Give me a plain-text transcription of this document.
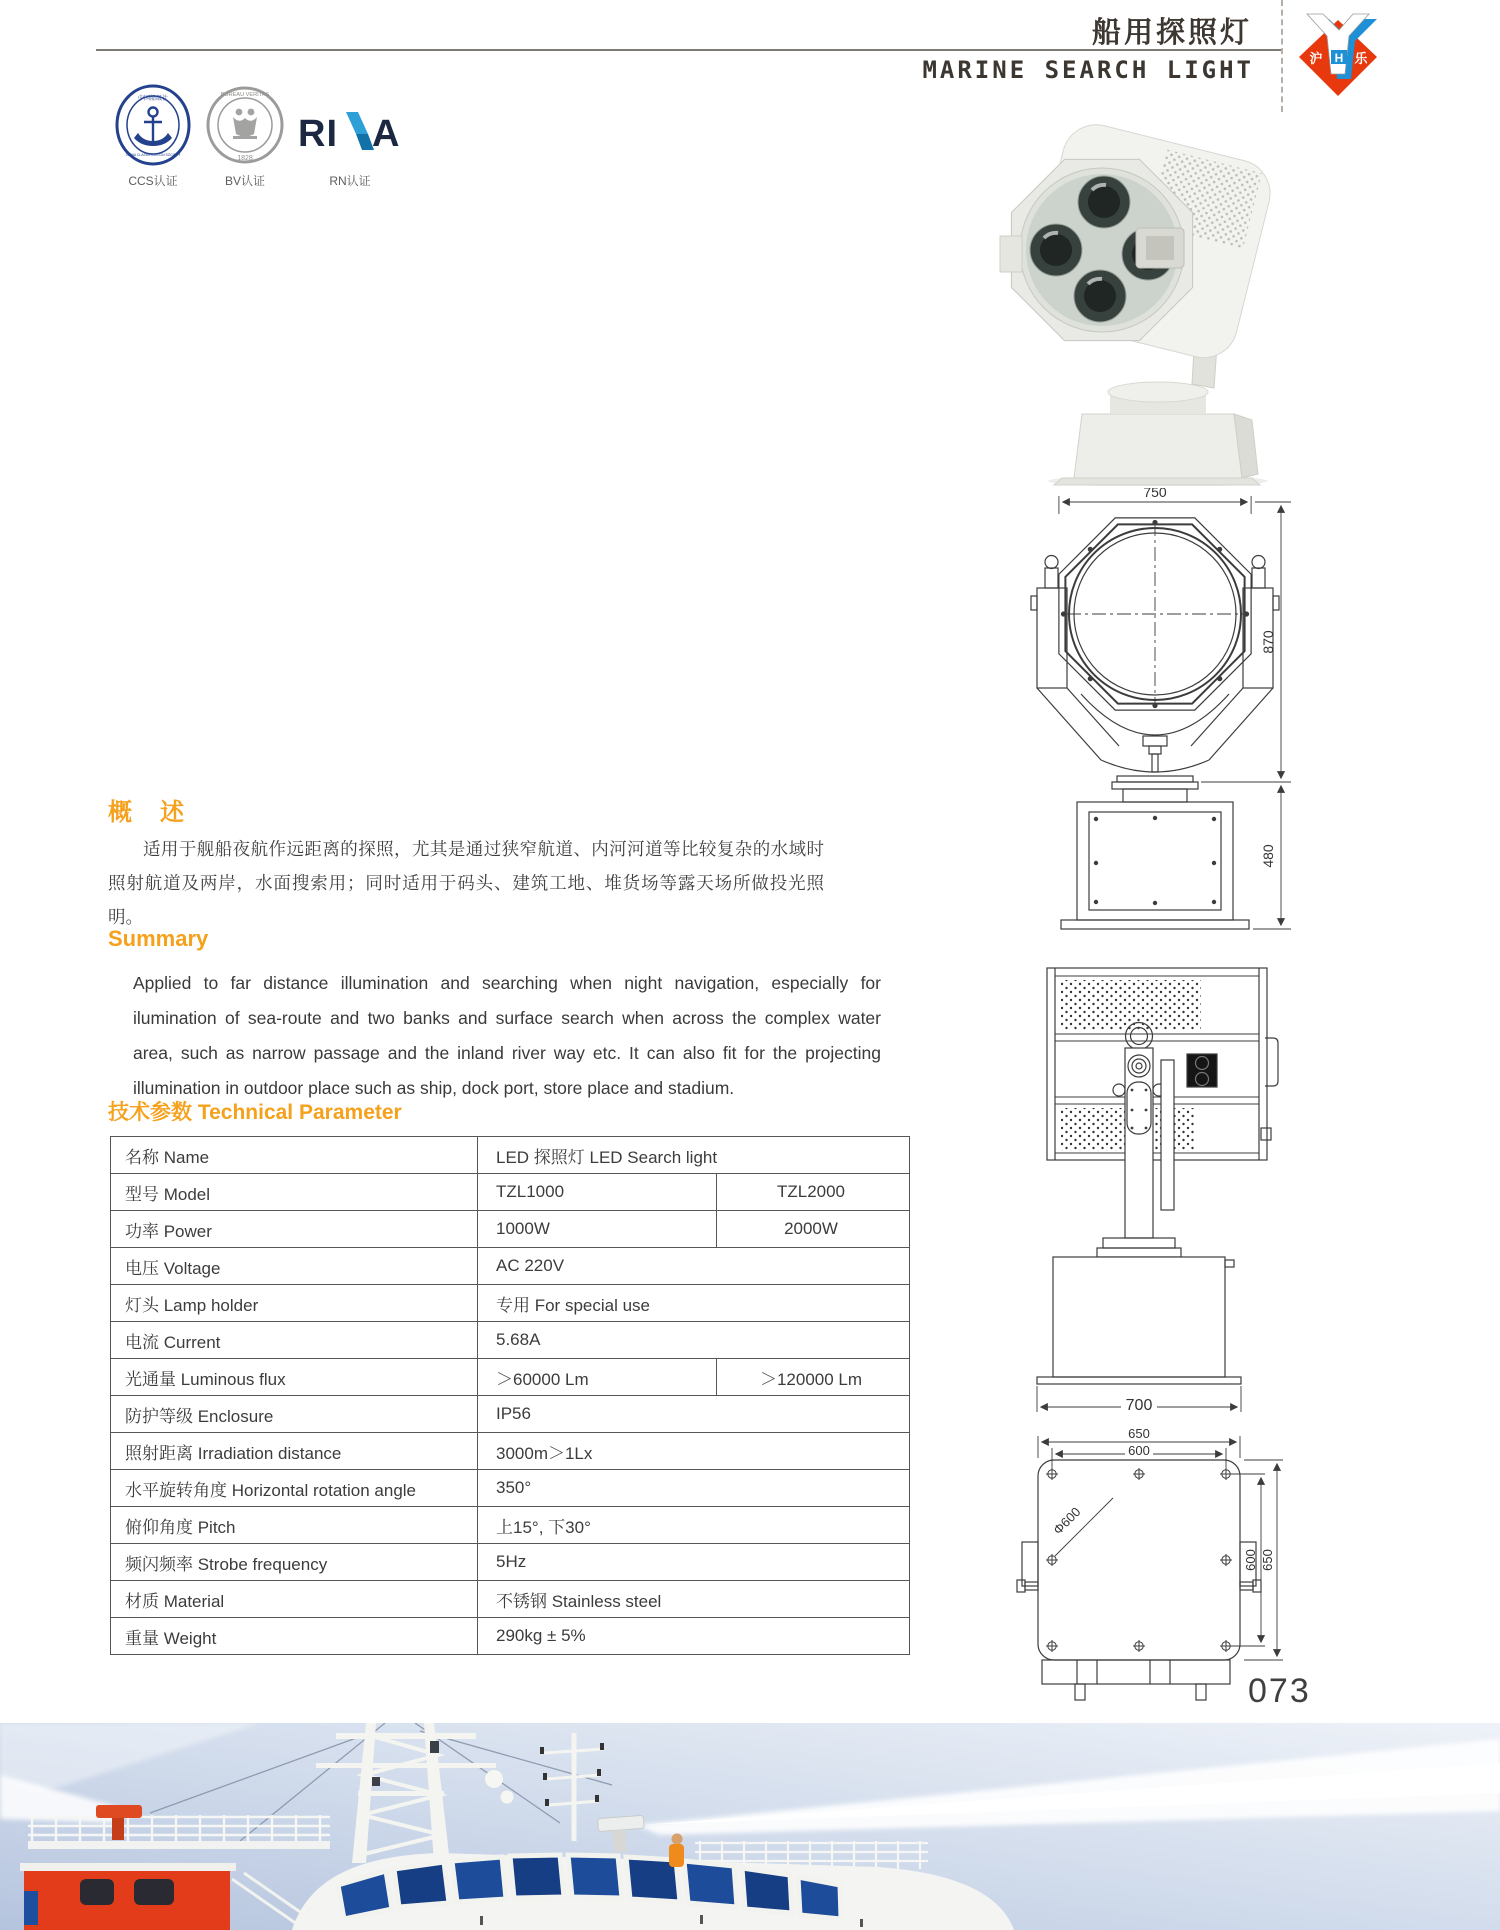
船用探照灯
MARINE SEARCH LIGHT	H
沪 乐
中国船级社
CHINA CLASSIFICATION SOCIETY
CCS认证
BUREAU VERITAS
1828
BV认证
RI A
RN认证
概　述
适用于舰船夜航作远距离的探照，尤其是通过狭窄航道、内河河道等比较复杂的水域时照射航道及两岸，水面搜索用；同时适用于码头、建筑工地、堆货场等露天场所做投光照明。
Summary
Applied to far distance illumination and searching when night navigation, especially for ilumination of sea-route and two banks and surface search when across the complex water area, such as narrow passage and the inland river way etc. It can also fit for the projecting illumination in outdoor place such as ship, dock port, store place and stadium.
技术参数 Technical Parameter
名称 Name	LED 探照灯 LED Search light	
型号 Model	TZL1000	TZL2000
功率 Power	1000W	2000W
电压 Voltage	AC 220V	
灯头 Lamp holder	专用 For special use	
电流 Current	5.68A	
光通量 Luminous flux	＞60000 Lm	＞120000 Lm
防护等级 Enclosure	IP56	
照射距离 Irradiation distance	3000m＞1Lx	
水平旋转角度 Horizontal rotation angle	350°	
俯仰角度 Pitch	上15°, 下30°	
频闪频率 Strobe frequency	5Hz	
材质 Material	不锈钢 Stainless steel	
重量 Weight	290kg ± 5%	
750
870
480
700
650
600
Φ600
600 650
073
